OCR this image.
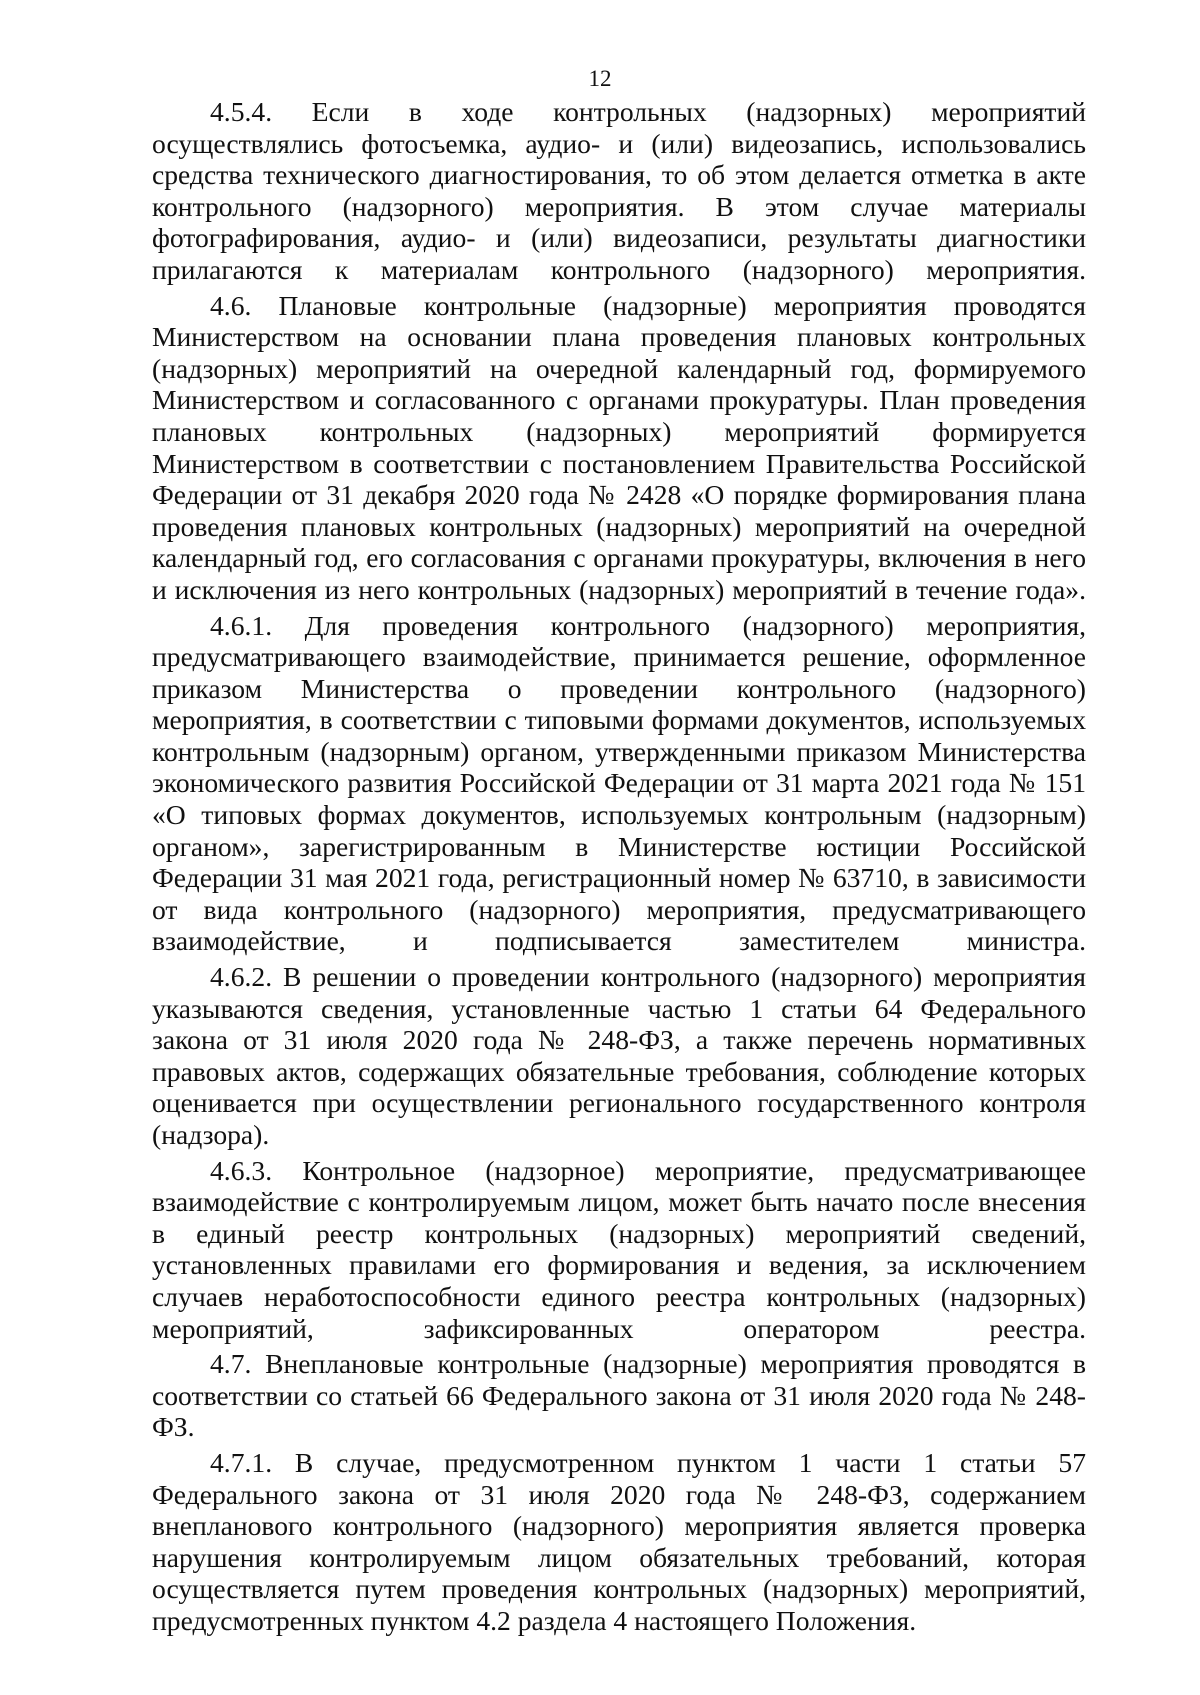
12

4.5.4. Если в ходе контрольных (надзорных) мероприятий осуществлялись фотосъемка, аудио- и (или) видеозапись, использовались средства технического диагностирования, то об этом делается отметка в акте контрольного (надзорного) мероприятия. В этом случае материалы фотографирования, аудио- и (или) видеозаписи, результаты диагностики прилагаются к материалам контрольного (надзорного) мероприятия.

4.6. Плановые контрольные (надзорные) мероприятия проводятся Министерством на основании плана проведения плановых контрольных (надзорных) мероприятий на очередной календарный год, формируемого Министерством и согласованного с органами прокуратуры. План проведения плановых контрольных (надзорных) мероприятий формируется Министерством в соответствии с постановлением Правительства Российской Федерации от 31 декабря 2020 года № 2428 «О порядке формирования плана проведения плановых контрольных (надзорных) мероприятий на очередной календарный год, его согласования с органами прокуратуры, включения в него и исключения из него контрольных (надзорных) мероприятий в течение года».

4.6.1. Для проведения контрольного (надзорного) мероприятия, предусматривающего взаимодействие, принимается решение, оформленное приказом Министерства о проведении контрольного (надзорного) мероприятия, в соответствии с типовыми формами документов, используемых контрольным (надзорным) органом, утвержденными приказом Министерства экономического развития Российской Федерации от 31 марта 2021 года № 151 «О типовых формах документов, используемых контрольным (надзорным) органом», зарегистрированным в Министерстве юстиции Российской Федерации 31 мая 2021 года, регистрационный номер № 63710, в зависимости от вида контрольного (надзорного) мероприятия, предусматривающего взаимодействие, и подписывается заместителем министра.

4.6.2. В решении о проведении контрольного (надзорного) мероприятия указываются сведения, установленные частью 1 статьи 64 Федерального закона от 31 июля 2020 года № 248-ФЗ, а также перечень нормативных правовых актов, содержащих обязательные требования, соблюдение которых оценивается при осуществлении регионального государственного контроля (надзора).

4.6.3. Контрольное (надзорное) мероприятие, предусматривающее взаимодействие с контролируемым лицом, может быть начато после внесения в единый реестр контрольных (надзорных) мероприятий сведений, установленных правилами его формирования и ведения, за исключением случаев неработоспособности единого реестра контрольных (надзорных) мероприятий, зафиксированных оператором реестра.

4.7. Внеплановые контрольные (надзорные) мероприятия проводятся в соответствии со статьей 66 Федерального закона от 31 июля 2020 года № 248-ФЗ.

4.7.1. В случае, предусмотренном пунктом 1 части 1 статьи 57 Федерального закона от 31 июля 2020 года № 248-ФЗ, содержанием внепланового контрольного (надзорного) мероприятия является проверка нарушения контролируемым лицом обязательных требований, которая осуществляется путем проведения контрольных (надзорных) мероприятий, предусмотренных пунктом 4.2 раздела 4 настоящего Положения.
